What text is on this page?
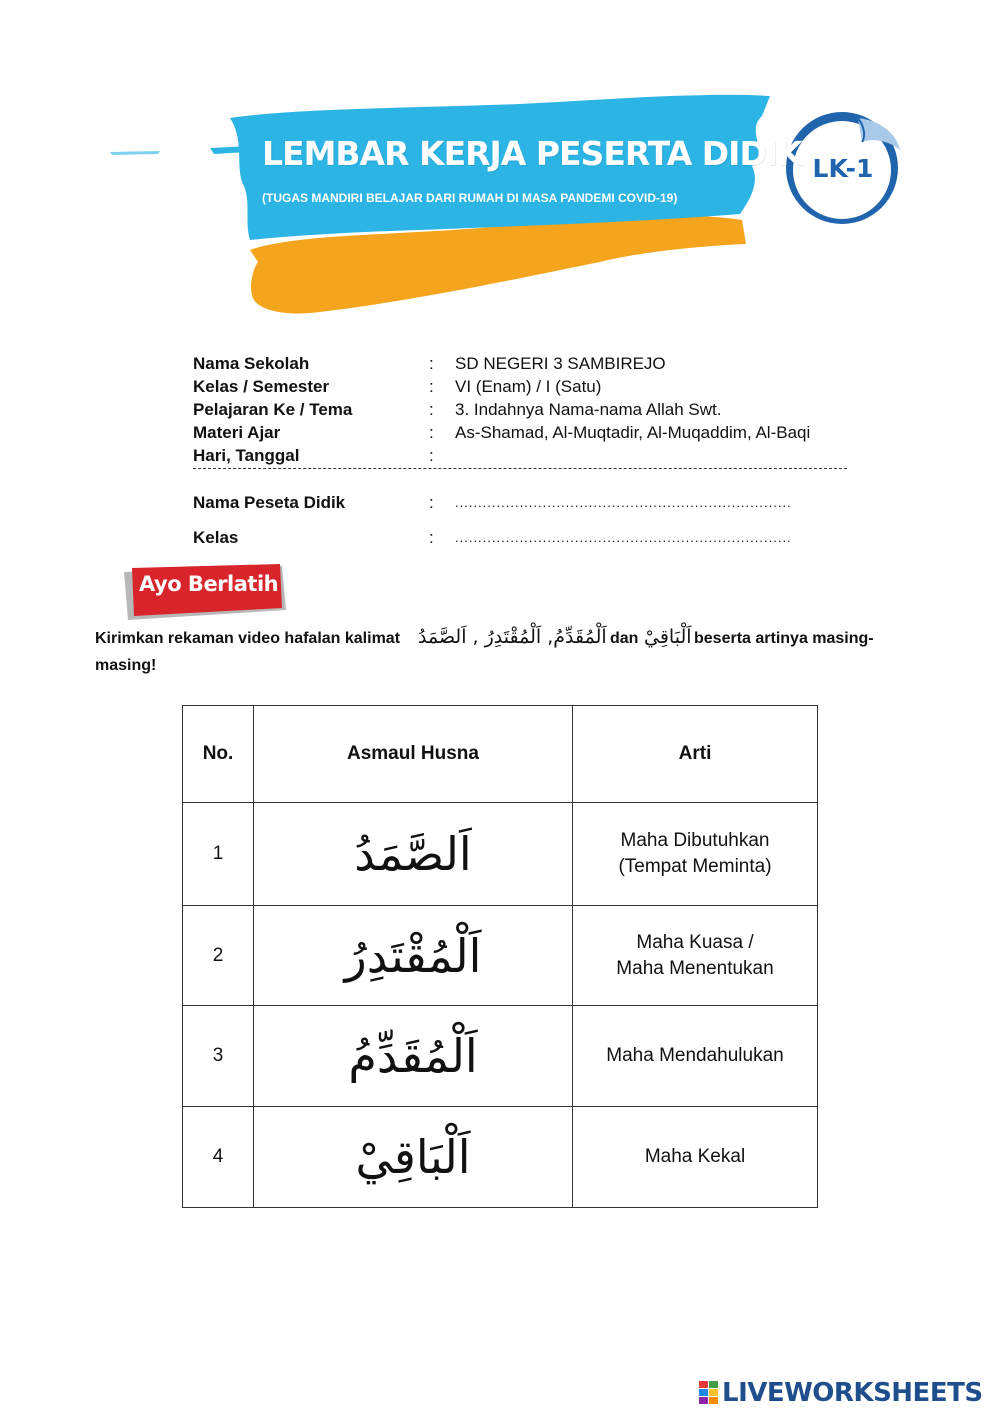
LEMBAR KERJA PESERTA DIDIK
(TUGAS MANDIRI BELAJAR DARI RUMAH DI MASA PANDEMI COVID-19)
LK-1
Nama Sekolah	: SD NEGERI 3 SAMBIREJO
Kelas / Semester	: VI (Enam) / I (Satu)
Pelajaran Ke / Tema	: 3. Indahnya Nama-nama Allah Swt.
Materi Ajar	: As-Shamad, Al-Muqtadir, Al-Muqaddim, Al-Baqi
Hari, Tanggal	:
Nama Peseta Didik	: .........................................................................
Kelas	: .........................................................................
Ayo Berlatih
Kirimkan rekaman video hafalan kalimat اَلْمُقَدِّمُ, اَلْمُقْتَدِرُ , اَلصَّمَدُ dan اَلْبَاقِيْ beserta artinya masing-
masing!
No.	Asmaul Husna	Arti
1	اَلصَّمَدُ	Maha Dibutuhkan
(Tempat Meminta)

2	اَلْمُقْتَدِرُ	Maha Kuasa /
Maha Menentukan

3	اَلْمُقَدِّمُ	Maha Mendahulukan

4	اَلْبَاقِيْ	Maha Kekal
LIVEWORKSHEETS
